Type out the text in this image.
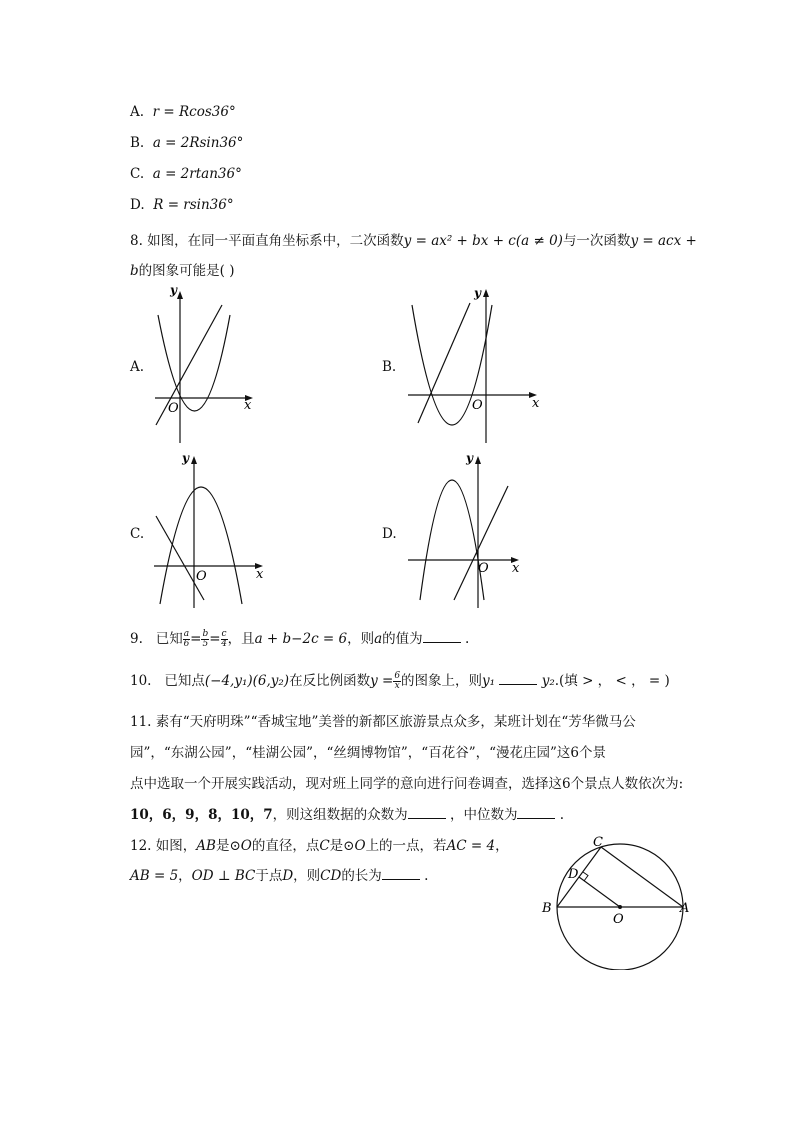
A. r = Rcos36°
B. a = 2Rsin36°
C. a = 2rtan36°
D. R = rsin36°
8. 如图，在同一平面直角坐标系中，二次函数y = ax² + bx + c(a ≠ 0)与一次函数y = acx +
b的图象可能是( )
A.	B.
C.	D.
y
x
O
y
x
O
y
x
O
y
x
O
9. 已知 $\frac{a}{6} = \frac{b}{5} = \frac{c}{4}$ ，且a + b−2c = 6，则a的值为	.
10. 已知点(−4,y₁)(6,y₂)在反比例函数$y = \frac{6}{x}$ 的图象上，则y₁	y₂.(填 > ， < ， = )
11. 素有“天府明珠”“香城宝地”美誉的新都区旅游景点众多，某班计划在“芳华微马公
园”，“东湖公园”，“桂湖公园”，“丝绸博物馆”，“百花谷”，“漫花庄园”这6个景
点中选取一个开展实践活动，现对班上同学的意向进行问卷调查，选择这6个景点人数依次为:
10，6，9，8，10，7，则这组数据的众数为	，中位数为	.
12. 如图，AB是⊙O的直径，点C是⊙O上的一点，若AC = 4，
AB = 5，OD ⊥ BC于点D，则CD的长为	.
B	A
C
D
O
